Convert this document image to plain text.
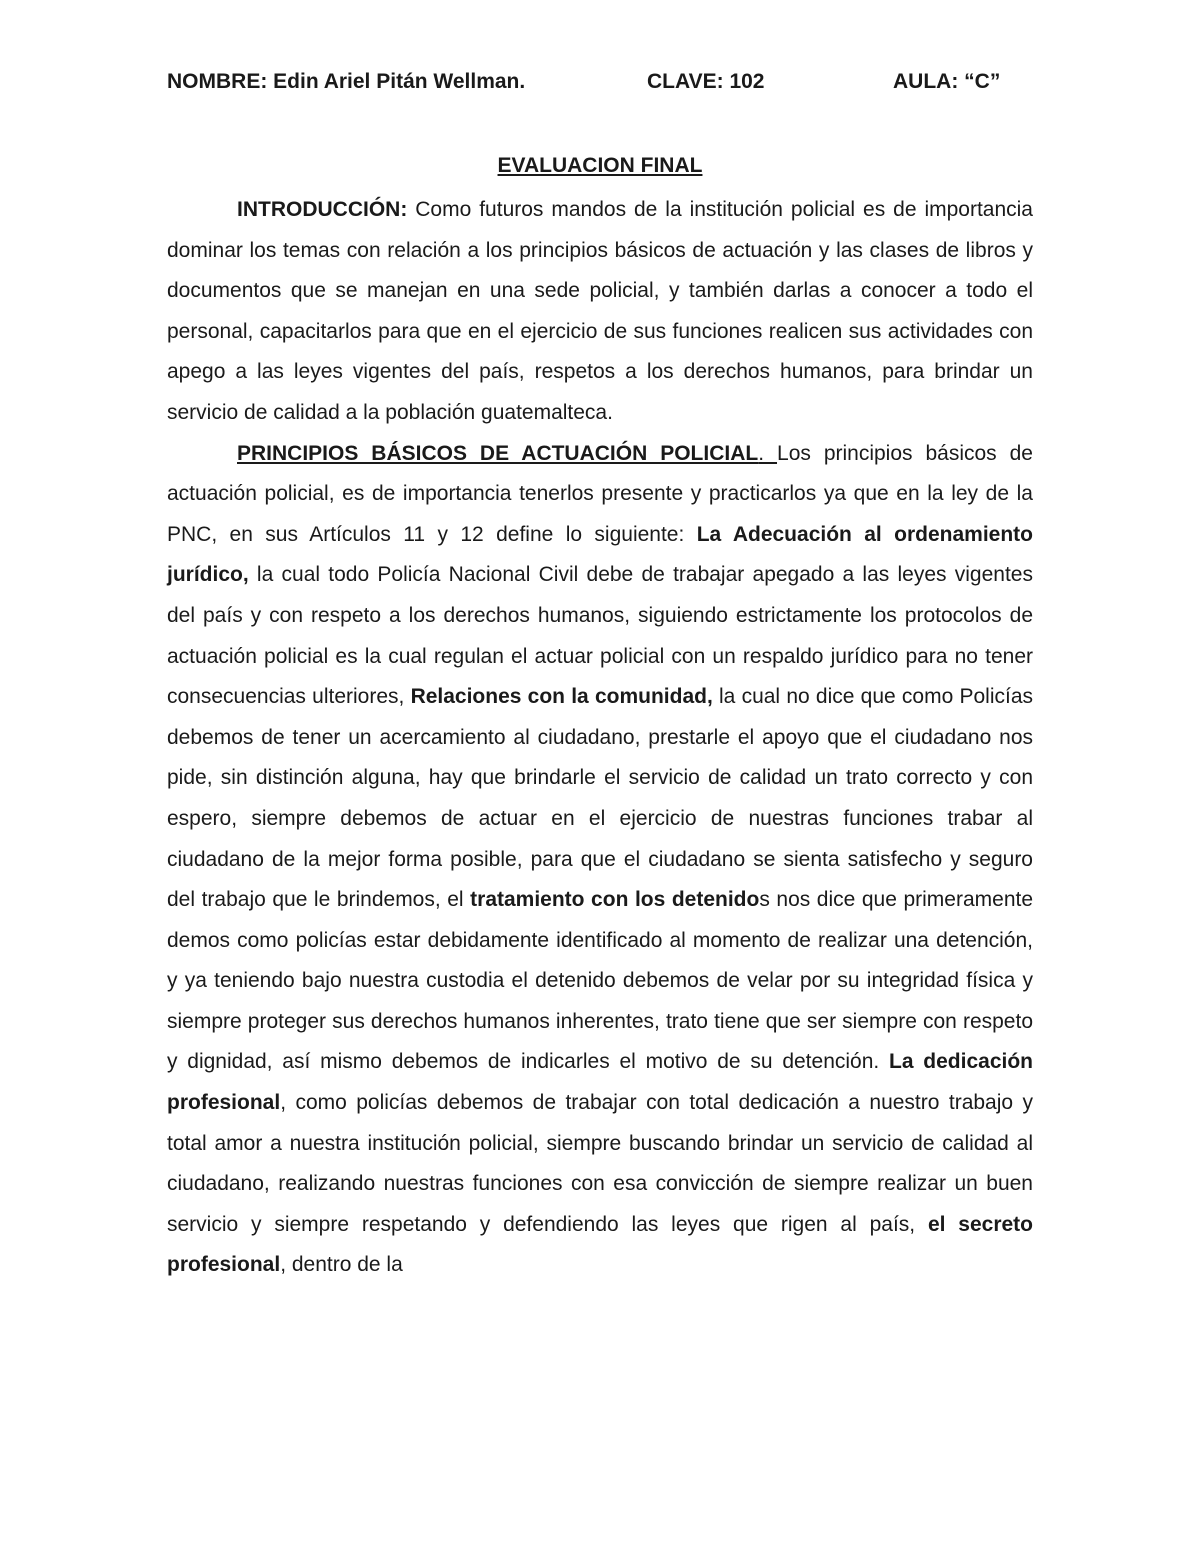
NOMBRE: Edin Ariel Pitán Wellman.	CLAVE: 102	AULA: “C”
EVALUACION FINAL

INTRODUCCIÓN: Como futuros mandos de la institución policial es de importancia dominar los temas con relación a los principios básicos de actuación y las clases de libros y documentos que se manejan en una sede policial, y también darlas a conocer a todo el personal, capacitarlos para que en el ejercicio de sus funciones realicen sus actividades con apego a las leyes vigentes del país, respetos a los derechos humanos, para brindar un servicio de calidad a la población guatemalteca.

PRINCIPIOS BÁSICOS DE ACTUACIÓN POLICIAL. Los principios básicos de actuación policial, es de importancia tenerlos presente y practicarlos ya que en la ley de la PNC, en sus Artículos 11 y 12 define lo siguiente: La Adecuación al ordenamiento jurídico, la cual todo Policía Nacional Civil debe de trabajar apegado a las leyes vigentes del país y con respeto a los derechos humanos, siguiendo estrictamente los protocolos de actuación policial es la cual regulan el actuar policial con un respaldo jurídico para no tener consecuencias ulteriores, Relaciones con la comunidad, la cual no dice que como Policías debemos de tener un acercamiento al ciudadano, prestarle el apoyo que el ciudadano nos pide, sin distinción alguna, hay que brindarle el servicio de calidad un trato correcto y con espero, siempre debemos de actuar en el ejercicio de nuestras funciones trabar al ciudadano de la mejor forma posible, para que el ciudadano se sienta satisfecho y seguro del trabajo que le brindemos, el tratamiento con los detenidos nos dice que primeramente demos como policías estar debidamente identificado al momento de realizar una detención, y ya teniendo bajo nuestra custodia el detenido debemos de velar por su integridad física y siempre proteger sus derechos humanos inherentes, trato tiene que ser siempre con respeto y dignidad, así mismo debemos de indicarles el motivo de su detención. La dedicación profesional, como policías debemos de trabajar con total dedicación a nuestro trabajo y total amor a nuestra institución policial, siempre buscando brindar un servicio de calidad al ciudadano, realizando nuestras funciones con esa convicción de siempre realizar un buen servicio y siempre respetando y defendiendo las leyes que rigen al país, el secreto profesional, dentro de la
